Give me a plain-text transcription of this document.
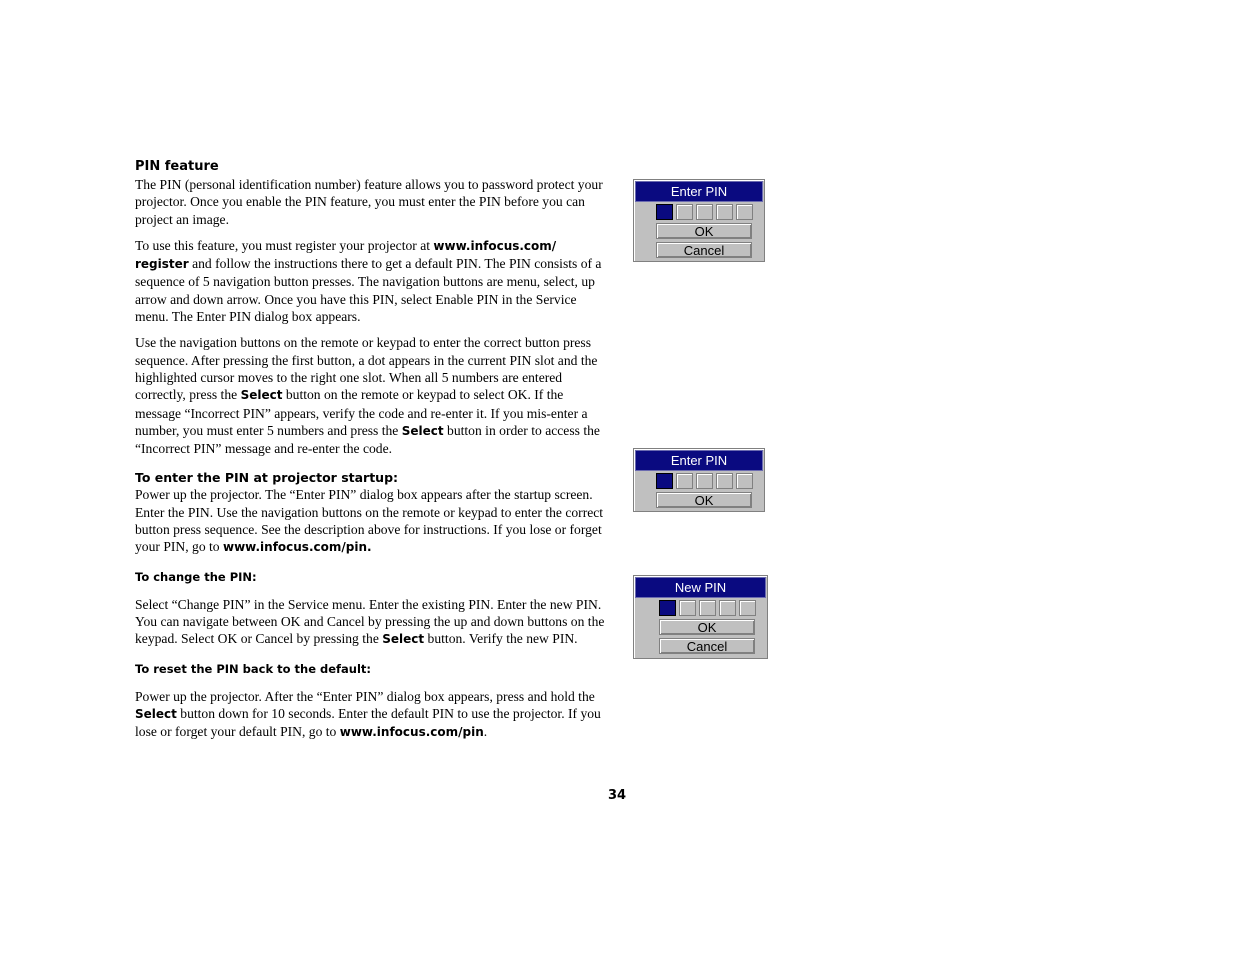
PIN feature

The PIN (personal identification number) feature allows you to password protect your projector. Once you enable the PIN feature, you must enter the PIN before you can project an image.

To use this feature, you must register your projector at www.infocus.com/ register and follow the instructions there to get a default PIN. The PIN consists of a sequence of 5 navigation button presses. The navigation buttons are menu, select, up arrow and down arrow. Once you have this PIN, select Enable PIN in the Service menu. The Enter PIN dialog box appears.

Use the navigation buttons on the remote or keypad to enter the correct button press sequence. After pressing the first button, a dot appears in the current PIN slot and the highlighted cursor moves to the right one slot. When all 5 numbers are entered correctly, press the Select button on the remote or keypad to select OK. If the message “Incorrect PIN” appears, verify the code and re-enter it. If you mis-enter a number, you must enter 5 numbers and press the Select button in order to access the “Incorrect PIN” message and re-enter the code.

To enter the PIN at projector startup:

Power up the projector. The “Enter PIN” dialog box appears after the startup screen. Enter the PIN. Use the navigation buttons on the remote or keypad to enter the correct button press sequence. See the description above for instructions. If you lose or forget your PIN, go to www.infocus.com/pin.

To change the PIN:

Select “Change PIN” in the Service menu. Enter the existing PIN. Enter the new PIN. You can navigate between OK and Cancel by pressing the up and down buttons on the keypad. Select OK or Cancel by pressing the Select button. Verify the new PIN.

To reset the PIN back to the default:

Power up the projector. After the “Enter PIN” dialog box appears, press and hold the Select button down for 10 seconds. Enter the default PIN to use the projector. If you lose or forget your default PIN, go to www.infocus.com/pin.

34
Enter PIN
OK
Cancel
Enter PIN
OK
New PIN
OK
Cancel
